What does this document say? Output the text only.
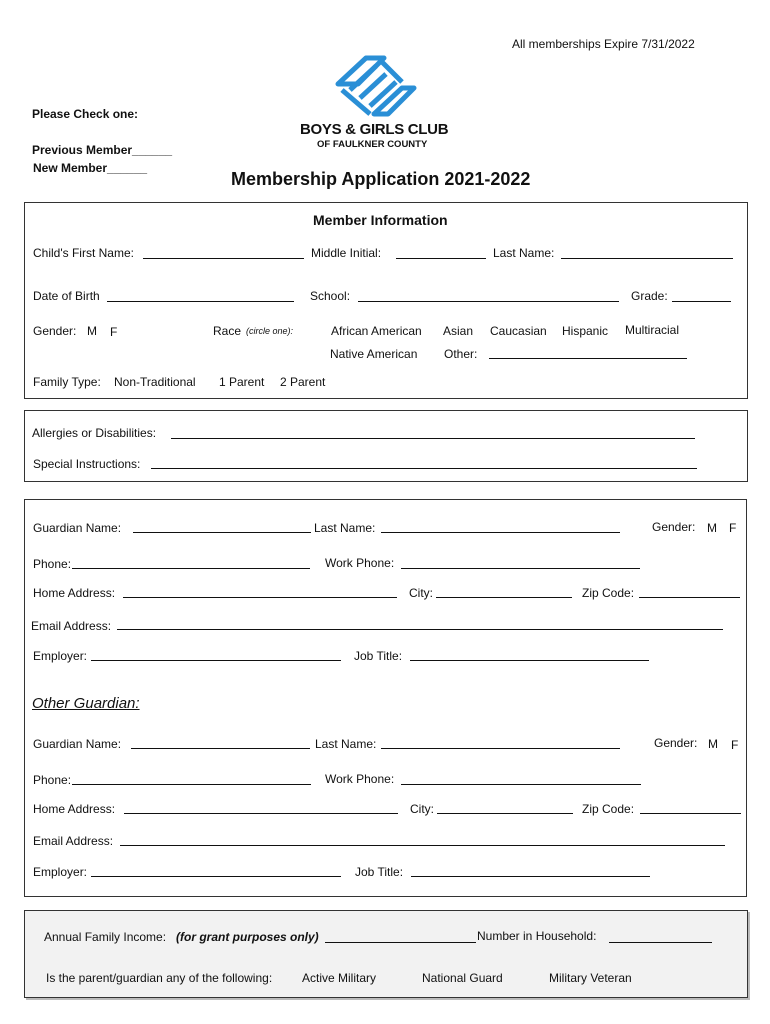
All memberships Expire 7/31/2022
BOYS & GIRLS CLUB
OF FAULKNER COUNTY
Please Check one:
Previous Member______
New Member______
Membership Application 2021-2022
Member Information
Child's First Name:	Middle Initial:	Last Name:
Date of Birth	School:	Grade:
Gender: M F	Race (circle one):	African American Asian Caucasian Hispanic Multiracial
Native American Other:
Family Type: Non-Traditional 1 Parent 2 Parent
Allergies or Disabilities:
Special Instructions:
Guardian Name:	Last Name:	Gender: M F
Phone:	Work Phone:
Home Address:	City:	Zip Code:
Email Address:
Employer:	Job Title:
Other Guardian:
Guardian Name:	Last Name:	Gender: M F
Phone:	Work Phone:
Home Address:	City:	Zip Code:
Email Address:
Employer:	Job Title:
Annual Family Income: (for grant purposes only)	Number in Household:
Is the parent/guardian any of the following: Active Military	National Guard	Military Veteran
